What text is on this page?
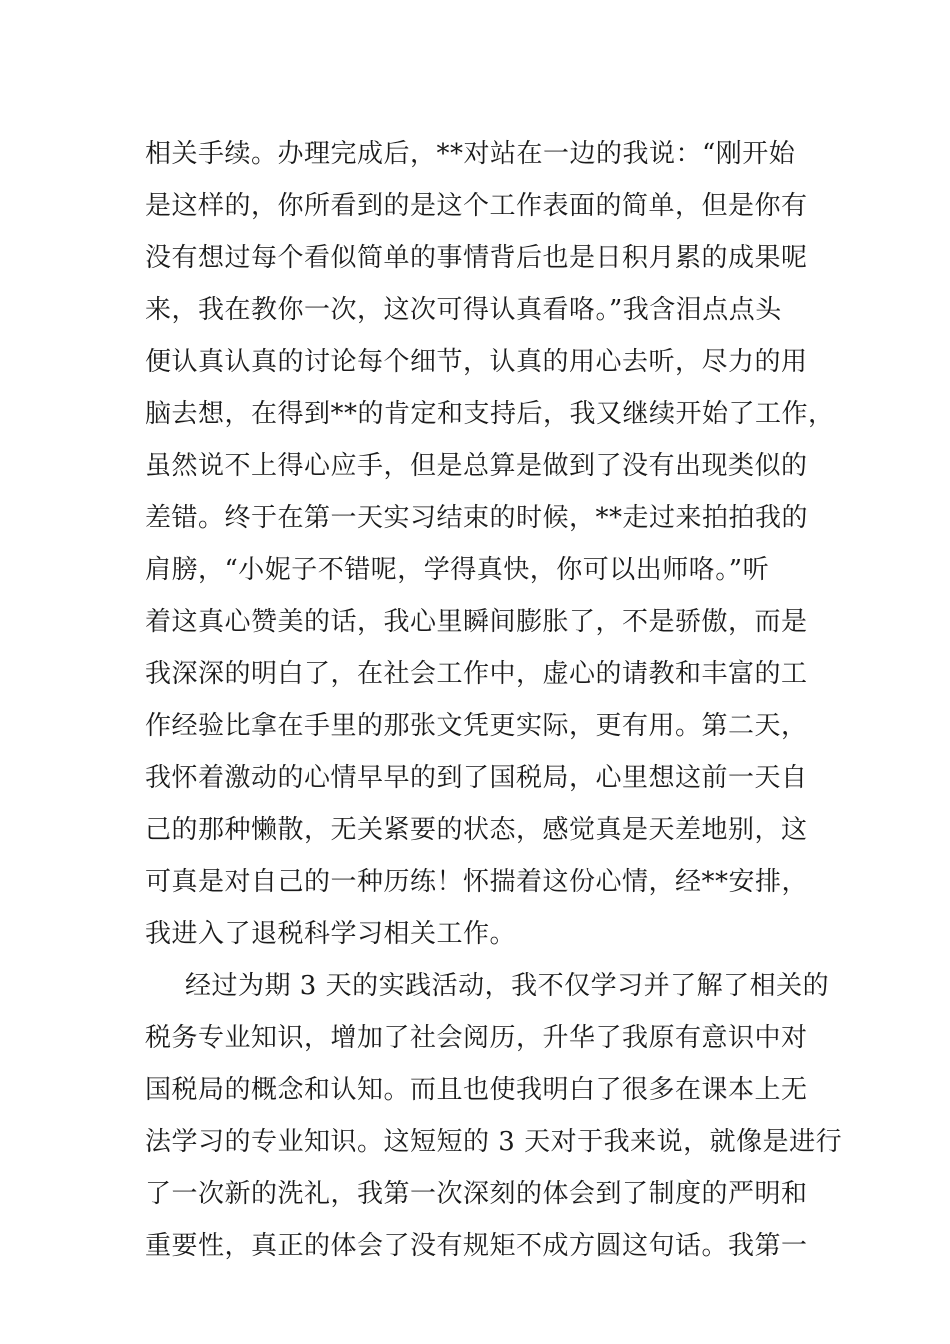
相关手续。办理完成后，**对站在一边的我说：“刚开始

是这样的，你所看到的是这个工作表面的简单，但是你有

没有想过每个看似简单的事情背后也是日积月累的成果呢

来，我在教你一次，这次可得认真看咯。”我含泪点点头

便认真认真的讨论每个细节，认真的用心去听，尽力的用

脑去想，在得到**的肯定和支持后，我又继续开始了工作，

虽然说不上得心应手，但是总算是做到了没有出现类似的

差错。终于在第一天实习结束的时候，**走过来拍拍我的

肩膀，“小妮子不错呢，学得真快，你可以出师咯。”听

着这真心赞美的话，我心里瞬间膨胀了，不是骄傲，而是

我深深的明白了，在社会工作中，虚心的请教和丰富的工

作经验比拿在手里的那张文凭更实际，更有用。第二天，

我怀着激动的心情早早的到了国税局，心里想这前一天自

己的那种懒散，无关紧要的状态，感觉真是天差地别，这

可真是对自己的一种历练！怀揣着这份心情，经**安排，

我进入了退税科学习相关工作。

经过为期 3 天的实践活动，我不仅学习并了解了相关的

税务专业知识，增加了社会阅历，升华了我原有意识中对

国税局的概念和认知。而且也使我明白了很多在课本上无

法学习的专业知识。这短短的 3 天对于我来说，就像是进行

了一次新的洗礼，我第一次深刻的体会到了制度的严明和

重要性，真正的体会了没有规矩不成方圆这句话。我第一
